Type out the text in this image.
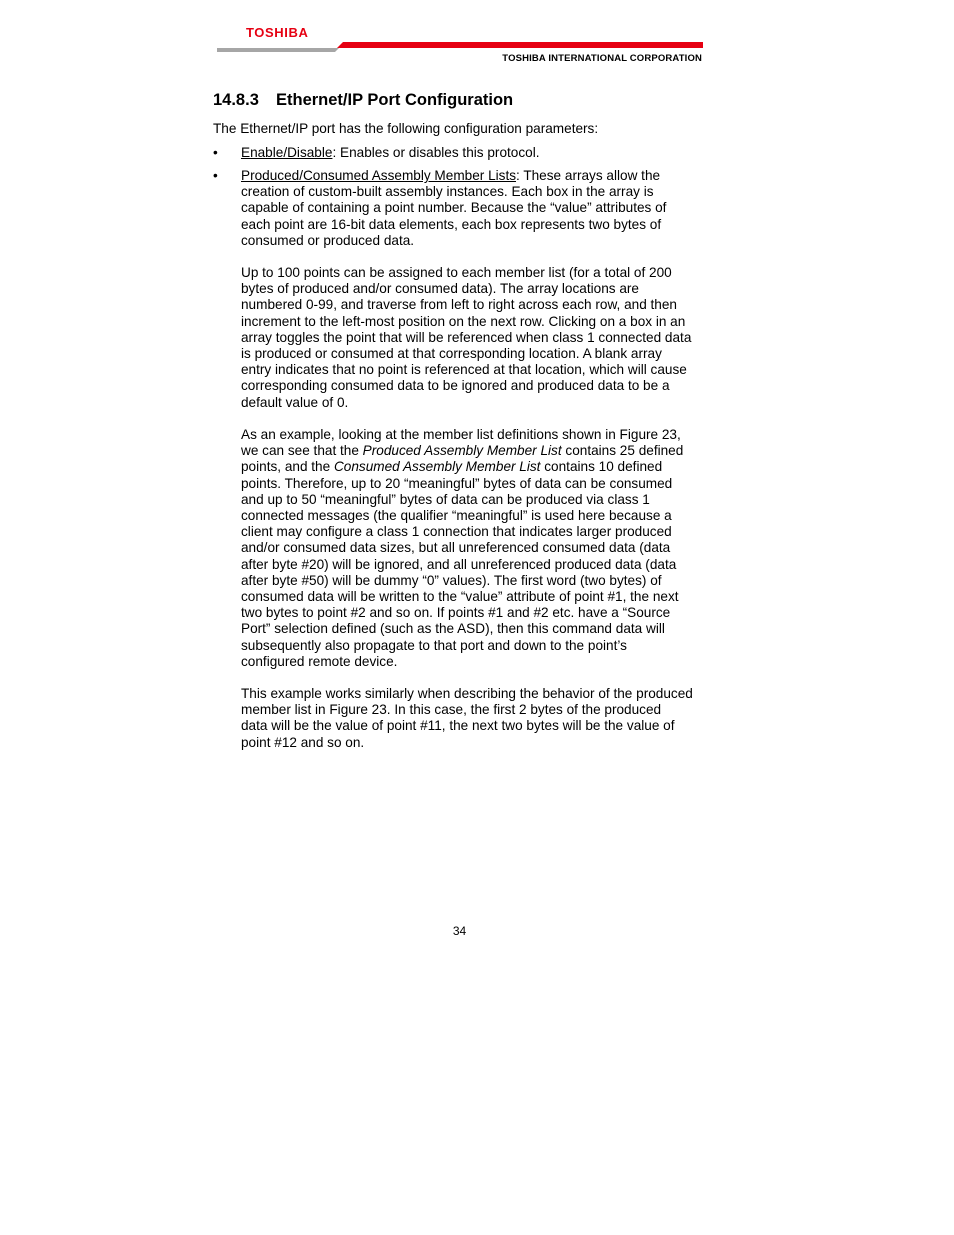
TOSHIBA
TOSHIBA INTERNATIONAL CORPORATION
14.8.3 Ethernet/IP Port Configuration
The Ethernet/IP port has the following configuration parameters:
•	Enable/Disable: Enables or disables this protocol.
•	Produced/Consumed Assembly Member Lists: These arrays allow the
creation of custom-built assembly instances. Each box in the array is
capable of containing a point number. Because the “value” attributes of
each point are 16-bit data elements, each box represents two bytes of
consumed or produced data.
Up to 100 points can be assigned to each member list (for a total of 200
bytes of produced and/or consumed data). The array locations are
numbered 0-99, and traverse from left to right across each row, and then
increment to the left-most position on the next row. Clicking on a box in an
array toggles the point that will be referenced when class 1 connected data
is produced or consumed at that corresponding location. A blank array
entry indicates that no point is referenced at that location, which will cause
corresponding consumed data to be ignored and produced data to be a
default value of 0.
As an example, looking at the member list definitions shown in Figure 23,
we can see that the Produced Assembly Member List contains 25 defined
points, and the Consumed Assembly Member List contains 10 defined
points. Therefore, up to 20 “meaningful” bytes of data can be consumed
and up to 50 “meaningful” bytes of data can be produced via class 1
connected messages (the qualifier “meaningful” is used here because a
client may configure a class 1 connection that indicates larger produced
and/or consumed data sizes, but all unreferenced consumed data (data
after byte #20) will be ignored, and all unreferenced produced data (data
after byte #50) will be dummy “0” values). The first word (two bytes) of
consumed data will be written to the “value” attribute of point #1, the next
two bytes to point #2 and so on. If points #1 and #2 etc. have a “Source
Port” selection defined (such as the ASD), then this command data will
subsequently also propagate to that port and down to the point’s
configured remote device.
This example works similarly when describing the behavior of the produced
member list in Figure 23. In this case, the first 2 bytes of the produced
data will be the value of point #11, the next two bytes will be the value of
point #12 and so on.
34
